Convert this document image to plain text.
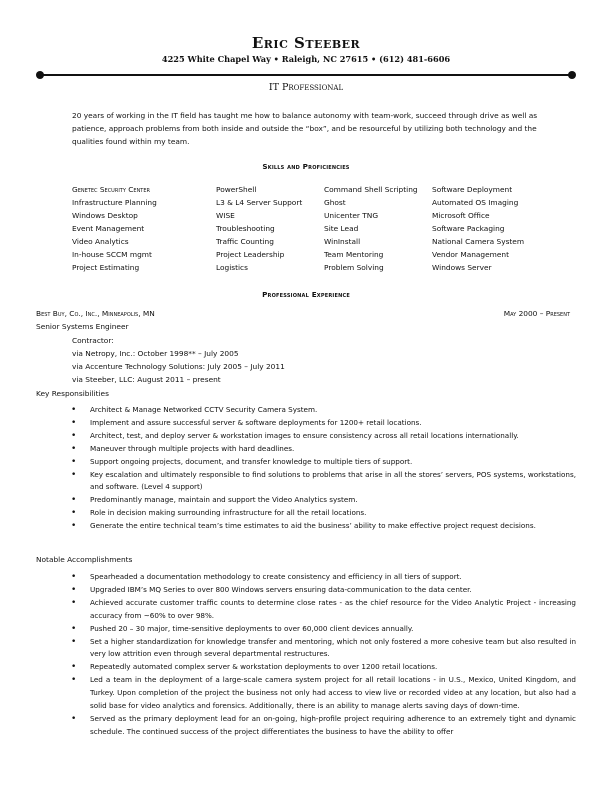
Eric Steeber
4225 White Chapel Way • Raleigh, NC 27615 • (612) 481-6606
IT Professional
20 years of working in the IT field has taught me how to balance autonomy with team-work, succeed through drive as well as patience, approach problems from both inside and outside the “box”, and be resourceful by utilizing both technology and the qualities found within my team.
Skills and Proficiencies
Genetec Security Center
Infrastructure Planning
Windows Desktop
Event Management
Video Analytics
In-house SCCM mgmt
Project Estimating
PowerShell
L3 & L4 Server Support
WISE
Troubleshooting
Traffic Counting
Project Leadership
Logistics
Command Shell Scripting
Ghost
Unicenter TNG
Site Lead
WinInstall
Team Mentoring
Problem Solving
Software Deployment
Automated OS Imaging
Microsoft Office
Software Packaging
National Camera System
Vendor Management
Windows Server
Professional Experience
Best Buy, Co., Inc., Minneapolis, MN	May 2000 – Present
Senior Systems Engineer
Contractor:
via Netropy, Inc.: October 1998** – July 2005
via Accenture Technology Solutions: July 2005 – July 2011
via Steeber, LLC: August 2011 – present
Key Responsibilities
• Architect & Manage Networked CCTV Security Camera System.
• Implement and assure successful server & software deployments for 1200+ retail locations.
• Architect, test, and deploy server & workstation images to ensure consistency across all retail locations internationally.
• Maneuver through multiple projects with hard deadlines.
• Support ongoing projects, document, and transfer knowledge to multiple tiers of support.
• Key escalation and ultimately responsible to find solutions to problems that arise in all the stores’ servers, POS systems, workstations, and software. (Level 4 support)
• Predominantly manage, maintain and support the Video Analytics system.
• Role in decision making surrounding infrastructure for all the retail locations.
• Generate the entire technical team’s time estimates to aid the business’ ability to make effective project request decisions.
Notable Accomplishments
• Spearheaded a documentation methodology to create consistency and efficiency in all tiers of support.
• Upgraded IBM’s MQ Series to over 800 Windows servers ensuring data-communication to the data center.
• Achieved accurate customer traffic counts to determine close rates - as the chief resource for the Video Analytic Project - increasing accuracy from ~60% to over 98%.
• Pushed 20 – 30 major, time-sensitive deployments to over 60,000 client devices annually.
• Set a higher standardization for knowledge transfer and mentoring, which not only fostered a more cohesive team but also resulted in very low attrition even through several departmental restructures.
• Repeatedly automated complex server & workstation deployments to over 1200 retail locations.
• Led a team in the deployment of a large-scale camera system project for all retail locations - in U.S., Mexico, United Kingdom, and Turkey. Upon completion of the project the business not only had access to view live or recorded video at any location, but also had a solid base for video analytics and forensics. Additionally, there is an ability to manage alerts saving days of down-time.
• Served as the primary deployment lead for an on-going, high-profile project requiring adherence to an extremely tight and dynamic schedule. The continued success of the project differentiates the business to have the ability to offer
